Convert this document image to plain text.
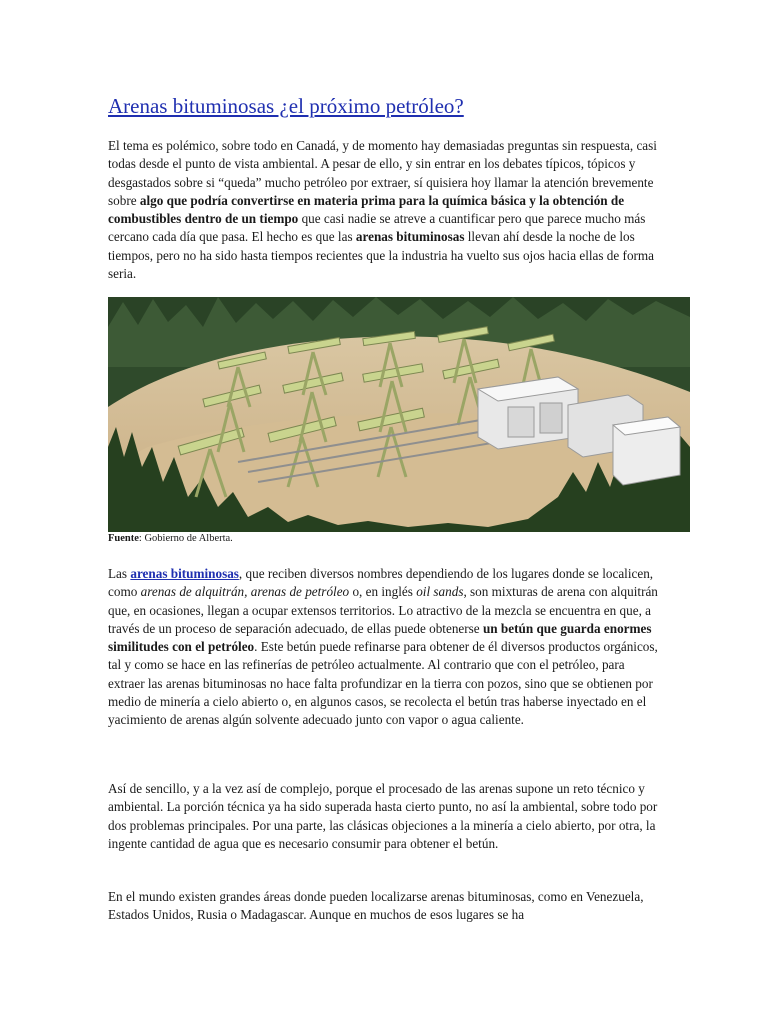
Arenas bituminosas ¿el próximo petróleo?

El tema es polémico, sobre todo en Canadá, y de momento hay demasiadas preguntas sin respuesta, casi todas desde el punto de vista ambiental. A pesar de ello, y sin entrar en los debates típicos, tópicos y desgastados sobre si “queda” mucho petróleo por extraer, sí quisiera hoy llamar la atención brevemente sobre algo que podría convertirse en materia prima para la química básica y la obtención de combustibles dentro de un tiempo que casi nadie se atreve a cuantificar pero que parece mucho más cercano cada día que pasa. El hecho es que las arenas bituminosas llevan ahí desde la noche de los tiempos, pero no ha sido hasta tiempos recientes que la industria ha vuelto sus ojos hacia ellas de forma seria.

Fuente: Gobierno de Alberta.

Las arenas bituminosas, que reciben diversos nombres dependiendo de los lugares donde se localicen, como arenas de alquitrán, arenas de petróleo o, en inglés oil sands, son mixturas de arena con alquitrán que, en ocasiones, llegan a ocupar extensos territorios. Lo atractivo de la mezcla se encuentra en que, a través de un proceso de separación adecuado, de ellas puede obtenerse un betún que guarda enormes similitudes con el petróleo. Este betún puede refinarse para obtener de él diversos productos orgánicos, tal y como se hace en las refinerías de petróleo actualmente. Al contrario que con el petróleo, para extraer las arenas bituminosas no hace falta profundizar en la tierra con pozos, sino que se obtienen por medio de minería a cielo abierto o, en algunos casos, se recolecta el betún tras haberse inyectado en el yacimiento de arenas algún solvente adecuado junto con vapor o agua caliente.

Así de sencillo, y a la vez así de complejo, porque el procesado de las arenas supone un reto técnico y ambiental. La porción técnica ya ha sido superada hasta cierto punto, no así la ambiental, sobre todo por dos problemas principales. Por una parte, las clásicas objeciones a la minería a cielo abierto, por otra, la ingente cantidad de agua que es necesario consumir para obtener el betún.

En el mundo existen grandes áreas donde pueden localizarse arenas bituminosas, como en Venezuela, Estados Unidos, Rusia o Madagascar. Aunque en muchos de esos lugares se ha
